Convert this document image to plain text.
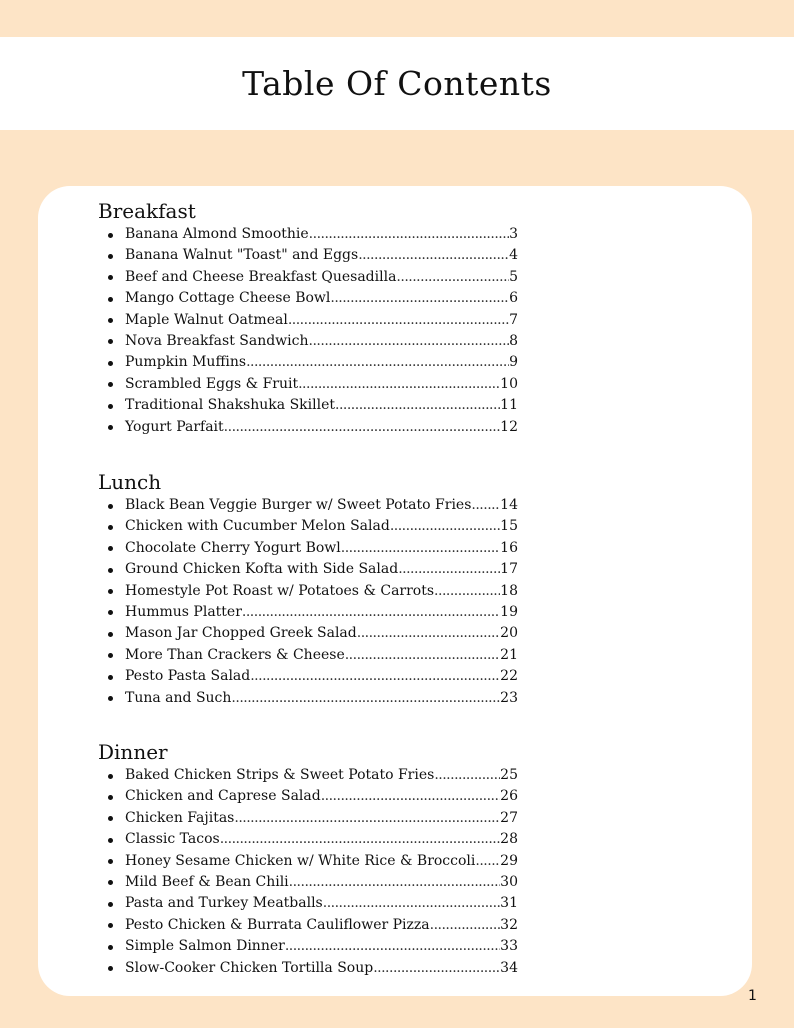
Table Of Contents
Breakfast
Banana Almond Smoothie .....	3
Banana Walnut "Toast" and Eggs .....	4
Beef and Cheese Breakfast Quesadilla .....	5
Mango Cottage Cheese Bowl .....	6
Maple Walnut Oatmeal .....	7
Nova Breakfast Sandwich .....	8
Pumpkin Muffins .....	9
Scrambled Eggs & Fruit .....	10
Traditional Shakshuka Skillet .....	11
Yogurt Parfait .....	12
Lunch
Black Bean Veggie Burger w/ Sweet Potato Fries ..... 14
Chicken with Cucumber Melon Salad .....	15
Chocolate Cherry Yogurt Bowl .....	16
Ground Chicken Kofta with Side Salad .....	17
Homestyle Pot Roast w/ Potatoes & Carrots .....	18
Hummus Platter .....	19
Mason Jar Chopped Greek Salad .....	20
More Than Crackers & Cheese .....	21
Pesto Pasta Salad .....	22
Tuna and Such .....	23
Dinner
Baked Chicken Strips & Sweet Potato Fries .....	25
Chicken and Caprese Salad .....	26
Chicken Fajitas .....	27
Classic Tacos .....	28
Honey Sesame Chicken w/ White Rice & Broccoli ..... 29
Mild Beef & Bean Chili .....	30
Pasta and Turkey Meatballs .....	31
Pesto Chicken & Burrata Cauliflower Pizza .....	32
Simple Salmon Dinner .....	33
Slow-Cooker Chicken Tortilla Soup .....	34
1
